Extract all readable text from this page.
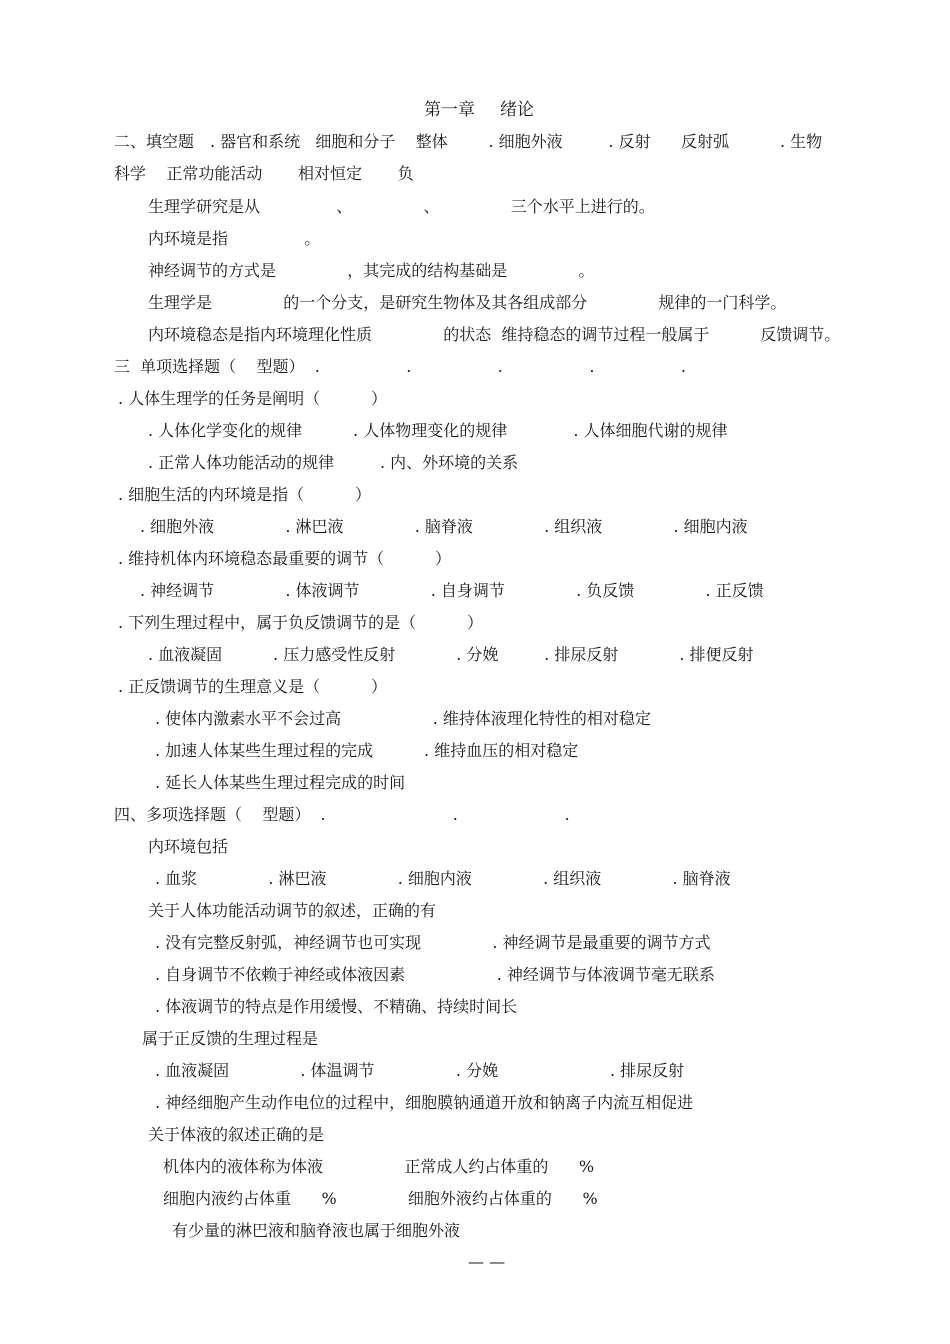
第一章 绪论
二、填空题 . 器官和系统   细胞和分子    整体        . 细胞外液         . 反射      反射弧          . 生物
科学    正常功能活动       相对恒定       负
生理学研究是从               、              、              三个水平上进行的。
内环境是指               。
神经调节的方式是              ，其完成的结构基础是              。
生理学是              的一个分支，是研究生物体及其各组成部分              规律的一门科学。
内环境稳态是指内环境理化性质              的状态  维持稳态的调节过程一般属于          反馈调节。
三  单项选择题（    型题）  .                 .                 .                 .                 .
. 人体生理学的任务是阐明（          ）
. 人体化学变化的规律          . 人体物理变化的规律             . 人体细胞代谢的规律
. 正常人体功能活动的规律         . 内、外环境的关系
. 细胞生活的内环境是指（          ）
. 细胞外液              . 淋巴液              . 脑脊液              . 组织液              . 细胞内液
. 维持机体内环境稳态最重要的调节（          ）
. 神经调节              . 体液调节              . 自身调节              . 负反馈              . 正反馈
. 下列生理过程中，属于负反馈调节的是（          ）
. 血液凝固          . 压力感受性反射            . 分娩         . 排尿反射            . 排便反射
. 正反馈调节的生理意义是（          ）
. 使体内激素水平不会过高                  . 维持体液理化特性的相对稳定
. 加速人体某些生理过程的完成          . 维持血压的相对稳定
. 延长人体某些生理过程完成的时间
四、多项选择题（    型题）  .                         .                     .
内环境包括
. 血浆              . 淋巴液              . 细胞内液              . 组织液              . 脑脊液
关于人体功能活动调节的叙述，正确的有
. 没有完整反射弧，神经调节也可实现              . 神经调节是最重要的调节方式
. 自身调节不依赖于神经或体液因素                  . 神经调节与体液调节毫无联系
. 体液调节的特点是作用缓慢、不精确、持续时间长
属于正反馈的生理过程是
. 血液凝固              . 体温调节                . 分娩                      . 排尿反射
. 神经细胞产生动作电位的过程中，细胞膜钠通道开放和钠离子内流互相促进
关于体液的叙述正确的是
机体内的液体称为体液                正常成人约占体重的      %
细胞内液约占体重      %              细胞外液约占体重的      %
有少量的淋巴液和脑脊液也属于细胞外液
— —
